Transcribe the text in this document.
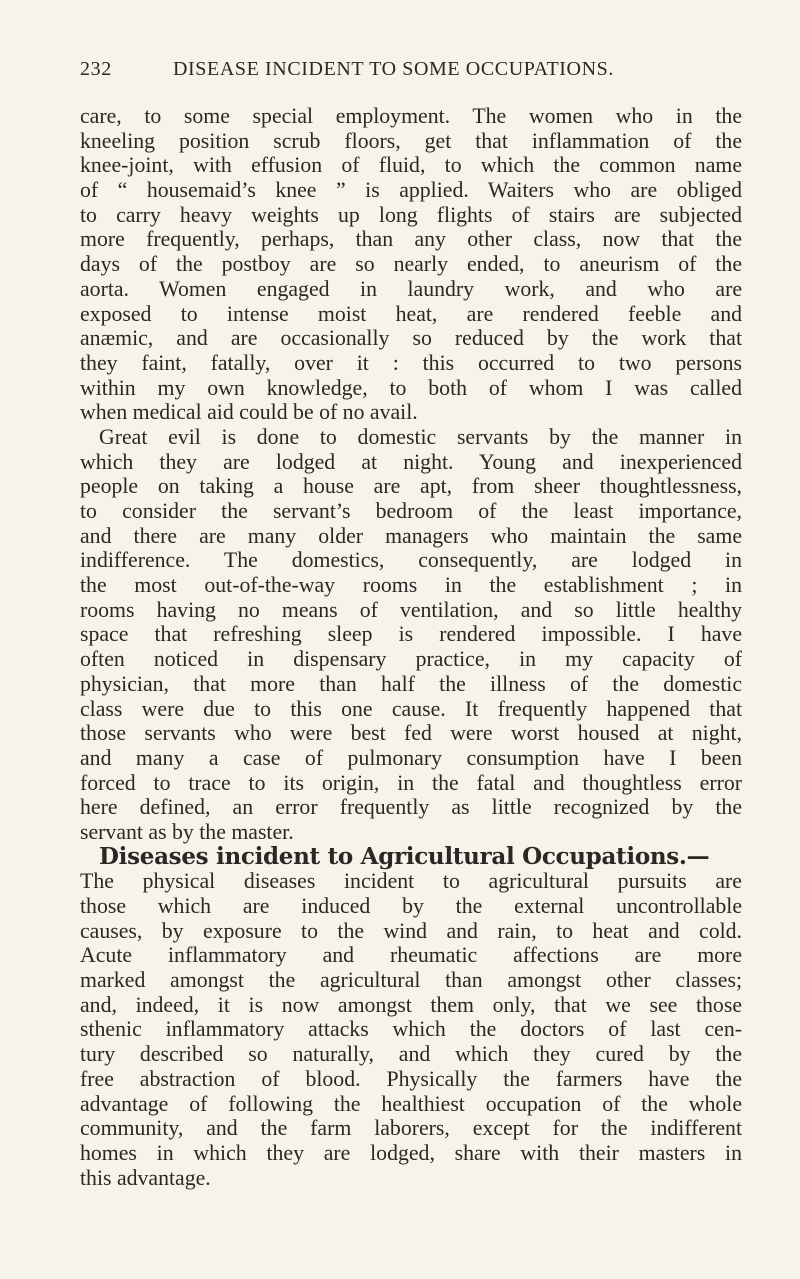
232	DISEASE INCIDENT TO SOME OCCUPATIONS.
care, to some special employment. The women who in the
kneeling position scrub floors, get that inflammation of the
knee-joint, with effusion of fluid, to which the common name
of “ housemaid’s knee ” is applied. Waiters who are obliged
to carry heavy weights up long flights of stairs are subjected
more frequently, perhaps, than any other class, now that the
days of the postboy are so nearly ended, to aneurism of the
aorta. Women engaged in laundry work, and who are
exposed to intense moist heat, are rendered feeble and
anæmic, and are occasionally so reduced by the work that
they faint, fatally, over it : this occurred to two persons
within my own knowledge, to both of whom I was called
when medical aid could be of no avail.
Great evil is done to domestic servants by the manner in
which they are lodged at night. Young and inexperienced
people on taking a house are apt, from sheer thoughtlessness,
to consider the servant’s bedroom of the least importance,
and there are many older managers who maintain the same
indifference. The domestics, consequently, are lodged in
the most out-of-the-way rooms in the establishment ; in
rooms having no means of ventilation, and so little healthy
space that refreshing sleep is rendered impossible. I have
often noticed in dispensary practice, in my capacity of
physician, that more than half the illness of the domestic
class were due to this one cause. It frequently happened that
those servants who were best fed were worst housed at night,
and many a case of pulmonary consumption have I been
forced to trace to its origin, in the fatal and thoughtless error
here defined, an error frequently as little recognized by the
servant as by the master.
Diseases incident to Agricultural Occupations.—
The physical diseases incident to agricultural pursuits are
those which are induced by the external uncontrollable
causes, by exposure to the wind and rain, to heat and cold.
Acute inflammatory and rheumatic affections are more
marked amongst the agricultural than amongst other classes;
and, indeed, it is now amongst them only, that we see those
sthenic inflammatory attacks which the doctors of last cen-
tury described so naturally, and which they cured by the
free abstraction of blood. Physically the farmers have the
advantage of following the healthiest occupation of the whole
community, and the farm laborers, except for the indifferent
homes in which they are lodged, share with their masters in
this advantage.
